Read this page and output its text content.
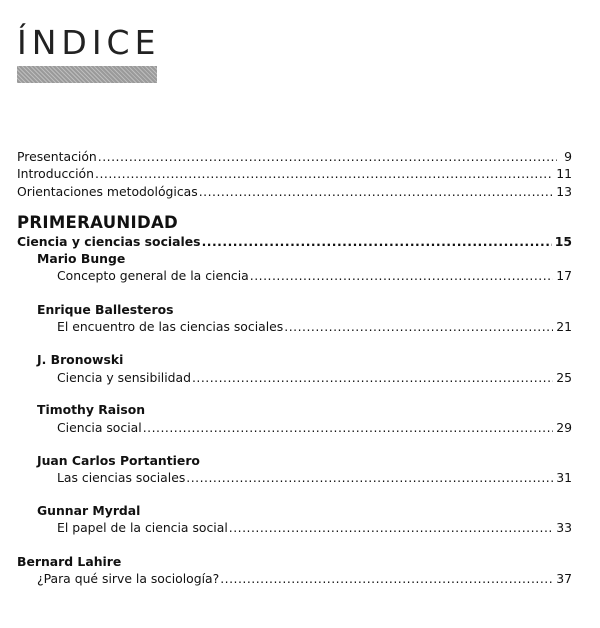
ÍNDICE
Presentación .....	9
Introducción .....	11
Orientaciones metodológicas .....	13
PRIMERAUNIDAD
Ciencia y ciencias sociales .....	15
Mario Bunge
Concepto general de la ciencia .....	17
Enrique Ballesteros
El encuentro de las ciencias sociales .....	21
J. Bronowski
Ciencia y sensibilidad .....	25
Timothy Raison
Ciencia social .....	29
Juan Carlos Portantiero
Las ciencias sociales .....	31
Gunnar Myrdal
El papel de la ciencia social .....	33
Bernard Lahire
¿Para qué sirve la sociología? .....	37
